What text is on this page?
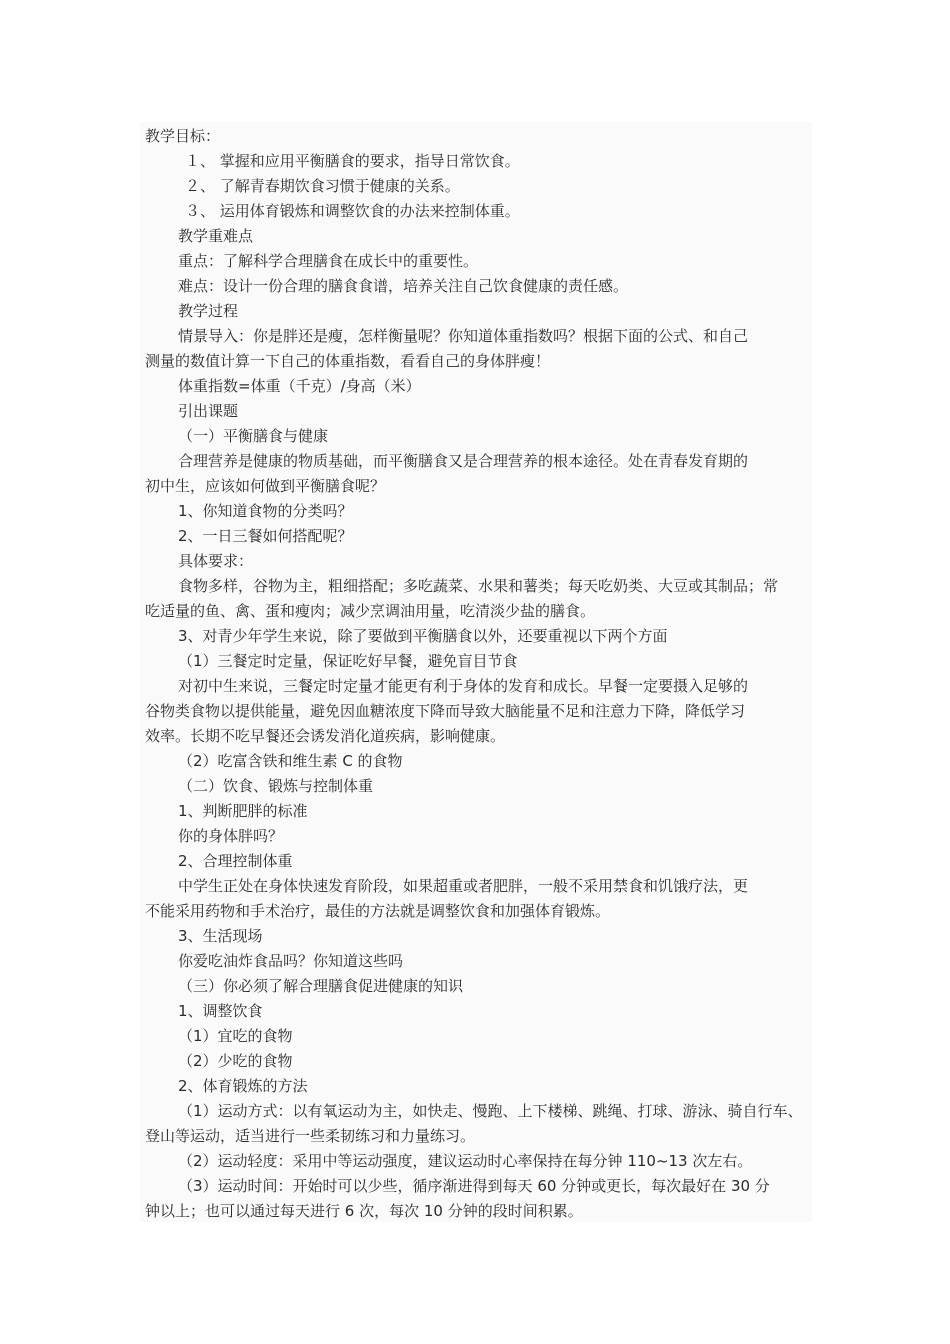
教学目标：
１、 掌握和应用平衡膳食的要求，指导日常饮食。
２、 了解青春期饮食习惯于健康的关系。
３、 运用体育锻炼和调整饮食的办法来控制体重。
教学重难点
重点：了解科学合理膳食在成长中的重要性。
难点：设计一份合理的膳食食谱，培养关注自己饮食健康的责任感。
教学过程
情景导入：你是胖还是瘦，怎样衡量呢？你知道体重指数吗？根据下面的公式、和自己
测量的数值计算一下自己的体重指数，看看自己的身体胖瘦！
体重指数=体重（千克）/身高（米）
引出课题
（一）平衡膳食与健康
合理营养是健康的物质基础，而平衡膳食又是合理营养的根本途径。处在青春发育期的
初中生，应该如何做到平衡膳食呢？
1、你知道食物的分类吗？
2、一日三餐如何搭配呢？
具体要求：
食物多样，谷物为主，粗细搭配；多吃蔬菜、水果和薯类；每天吃奶类、大豆或其制品；常
吃适量的鱼、禽、蛋和瘦肉；减少烹调油用量，吃清淡少盐的膳食。
3、对青少年学生来说，除了要做到平衡膳食以外，还要重视以下两个方面
（1）三餐定时定量，保证吃好早餐，避免盲目节食
对初中生来说，三餐定时定量才能更有利于身体的发育和成长。早餐一定要摄入足够的
谷物类食物以提供能量，避免因血糖浓度下降而导致大脑能量不足和注意力下降，降低学习
效率。长期不吃早餐还会诱发消化道疾病，影响健康。
（2）吃富含铁和维生素 C 的食物
（二）饮食、锻炼与控制体重
1、判断肥胖的标准
你的身体胖吗？
2、合理控制体重
中学生正处在身体快速发育阶段，如果超重或者肥胖，一般不采用禁食和饥饿疗法，更
不能采用药物和手术治疗，最佳的方法就是调整饮食和加强体育锻炼。
3、生活现场
你爱吃油炸食品吗？你知道这些吗
（三）你必须了解合理膳食促进健康的知识
1、调整饮食
（1）宜吃的食物
（2）少吃的食物
2、体育锻炼的方法
（1）运动方式：以有氧运动为主，如快走、慢跑、上下楼梯、跳绳、打球、游泳、骑自行车、
登山等运动，适当进行一些柔韧练习和力量练习。
（2）运动轻度：采用中等运动强度，建议运动时心率保持在每分钟 110~13 次左右。
（3）运动时间：开始时可以少些，循序渐进得到每天 60 分钟或更长，每次最好在 30 分
钟以上；也可以通过每天进行 6 次，每次 10 分钟的段时间积累。
